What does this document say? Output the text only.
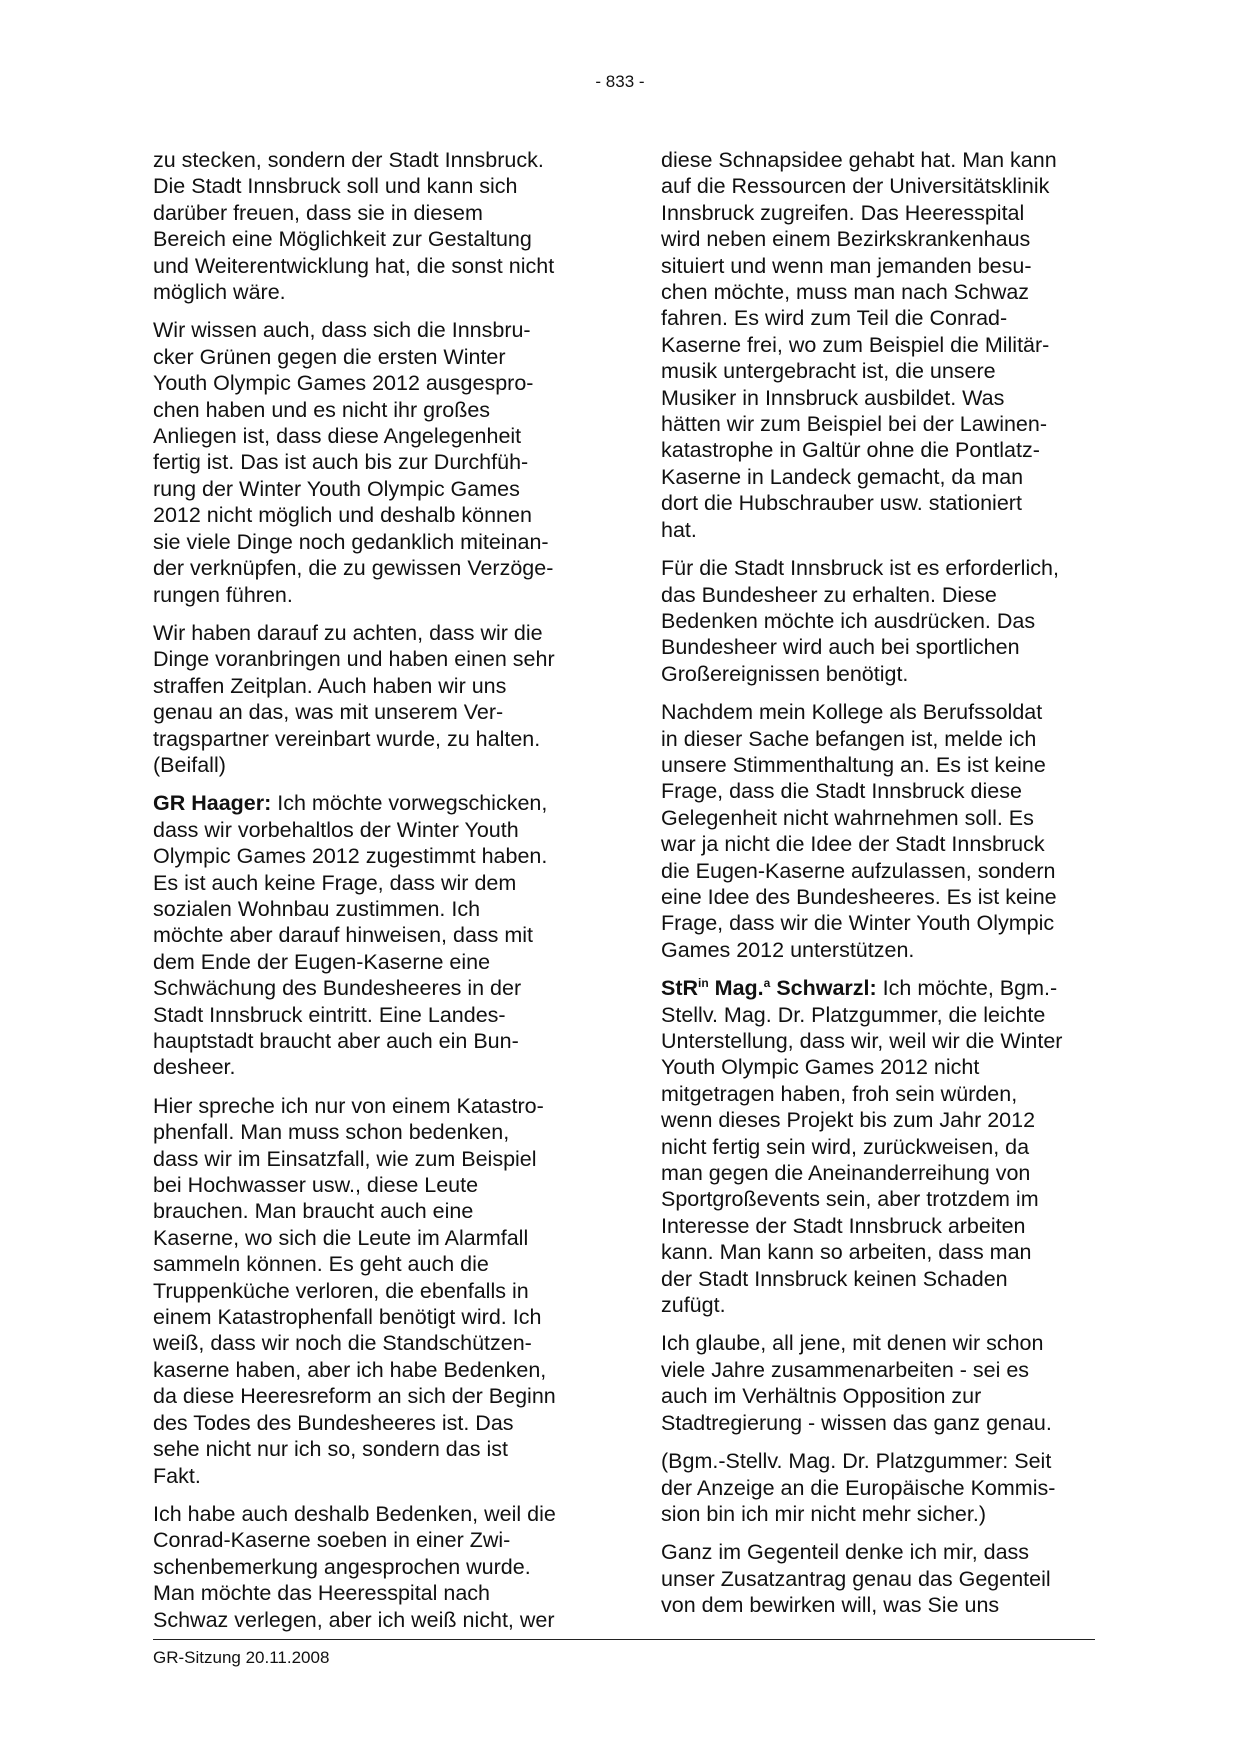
- 833 -

zu stecken, sondern der Stadt Innsbruck.
Die Stadt Innsbruck soll und kann sich
darüber freuen, dass sie in diesem
Bereich eine Möglichkeit zur Gestaltung
und Weiterentwicklung hat, die sonst nicht
möglich wäre.

Wir wissen auch, dass sich die Innsbru-
cker Grünen gegen die ersten Winter
Youth Olympic Games 2012 ausgespro-
chen haben und es nicht ihr großes
Anliegen ist, dass diese Angelegenheit
fertig ist. Das ist auch bis zur Durchfüh-
rung der Winter Youth Olympic Games
2012 nicht möglich und deshalb können
sie viele Dinge noch gedanklich miteinan-
der verknüpfen, die zu gewissen Verzöge-
rungen führen.

Wir haben darauf zu achten, dass wir die
Dinge voranbringen und haben einen sehr
straffen Zeitplan. Auch haben wir uns
genau an das, was mit unserem Ver-
tragspartner vereinbart wurde, zu halten.
(Beifall)

GR Haager: Ich möchte vorwegschicken,
dass wir vorbehaltlos der Winter Youth
Olympic Games 2012 zugestimmt haben.
Es ist auch keine Frage, dass wir dem
sozialen Wohnbau zustimmen. Ich
möchte aber darauf hinweisen, dass mit
dem Ende der Eugen-Kaserne eine
Schwächung des Bundesheeres in der
Stadt Innsbruck eintritt. Eine Landes-
hauptstadt braucht aber auch ein Bun-
desheer.

Hier spreche ich nur von einem Katastro-
phenfall. Man muss schon bedenken,
dass wir im Einsatzfall, wie zum Beispiel
bei Hochwasser usw., diese Leute
brauchen. Man braucht auch eine
Kaserne, wo sich die Leute im Alarmfall
sammeln können. Es geht auch die
Truppenküche verloren, die ebenfalls in
einem Katastrophenfall benötigt wird. Ich
weiß, dass wir noch die Standschützen-
kaserne haben, aber ich habe Bedenken,
da diese Heeresreform an sich der Beginn
des Todes des Bundesheeres ist. Das
sehe nicht nur ich so, sondern das ist
Fakt.

Ich habe auch deshalb Bedenken, weil die
Conrad-Kaserne soeben in einer Zwi-
schenbemerkung angesprochen wurde.
Man möchte das Heeresspital nach
Schwaz verlegen, aber ich weiß nicht, wer

diese Schnapsidee gehabt hat. Man kann
auf die Ressourcen der Universitätsklinik
Innsbruck zugreifen. Das Heeresspital
wird neben einem Bezirkskrankenhaus
situiert und wenn man jemanden besu-
chen möchte, muss man nach Schwaz
fahren. Es wird zum Teil die Conrad-
Kaserne frei, wo zum Beispiel die Militär-
musik untergebracht ist, die unsere
Musiker in Innsbruck ausbildet. Was
hätten wir zum Beispiel bei der Lawinen-
katastrophe in Galtür ohne die Pontlatz-
Kaserne in Landeck gemacht, da man
dort die Hubschrauber usw. stationiert
hat.

Für die Stadt Innsbruck ist es erforderlich,
das Bundesheer zu erhalten. Diese
Bedenken möchte ich ausdrücken. Das
Bundesheer wird auch bei sportlichen
Großereignissen benötigt.

Nachdem mein Kollege als Berufssoldat
in dieser Sache befangen ist, melde ich
unsere Stimmenthaltung an. Es ist keine
Frage, dass die Stadt Innsbruck diese
Gelegenheit nicht wahrnehmen soll. Es
war ja nicht die Idee der Stadt Innsbruck
die Eugen-Kaserne aufzulassen, sondern
eine Idee des Bundesheeres. Es ist keine
Frage, dass wir die Winter Youth Olympic
Games 2012 unterstützen.

StR$^{in}$ Mag.$^a$ Schwarzl: Ich möchte, Bgm.-
Stellv. Mag. Dr. Platzgummer, die leichte
Unterstellung, dass wir, weil wir die Winter
Youth Olympic Games 2012 nicht
mitgetragen haben, froh sein würden,
wenn dieses Projekt bis zum Jahr 2012
nicht fertig sein wird, zurückweisen, da
man gegen die Aneinanderreihung von
Sportgroßevents sein, aber trotzdem im
Interesse der Stadt Innsbruck arbeiten
kann. Man kann so arbeiten, dass man
der Stadt Innsbruck keinen Schaden
zufügt.

Ich glaube, all jene, mit denen wir schon
viele Jahre zusammenarbeiten - sei es
auch im Verhältnis Opposition zur
Stadtregierung - wissen das ganz genau.

(Bgm.-Stellv. Mag. Dr. Platzgummer: Seit
der Anzeige an die Europäische Kommis-
sion bin ich mir nicht mehr sicher.)

Ganz im Gegenteil denke ich mir, dass
unser Zusatzantrag genau das Gegenteil
von dem bewirken will, was Sie uns

GR-Sitzung 20.11.2008
